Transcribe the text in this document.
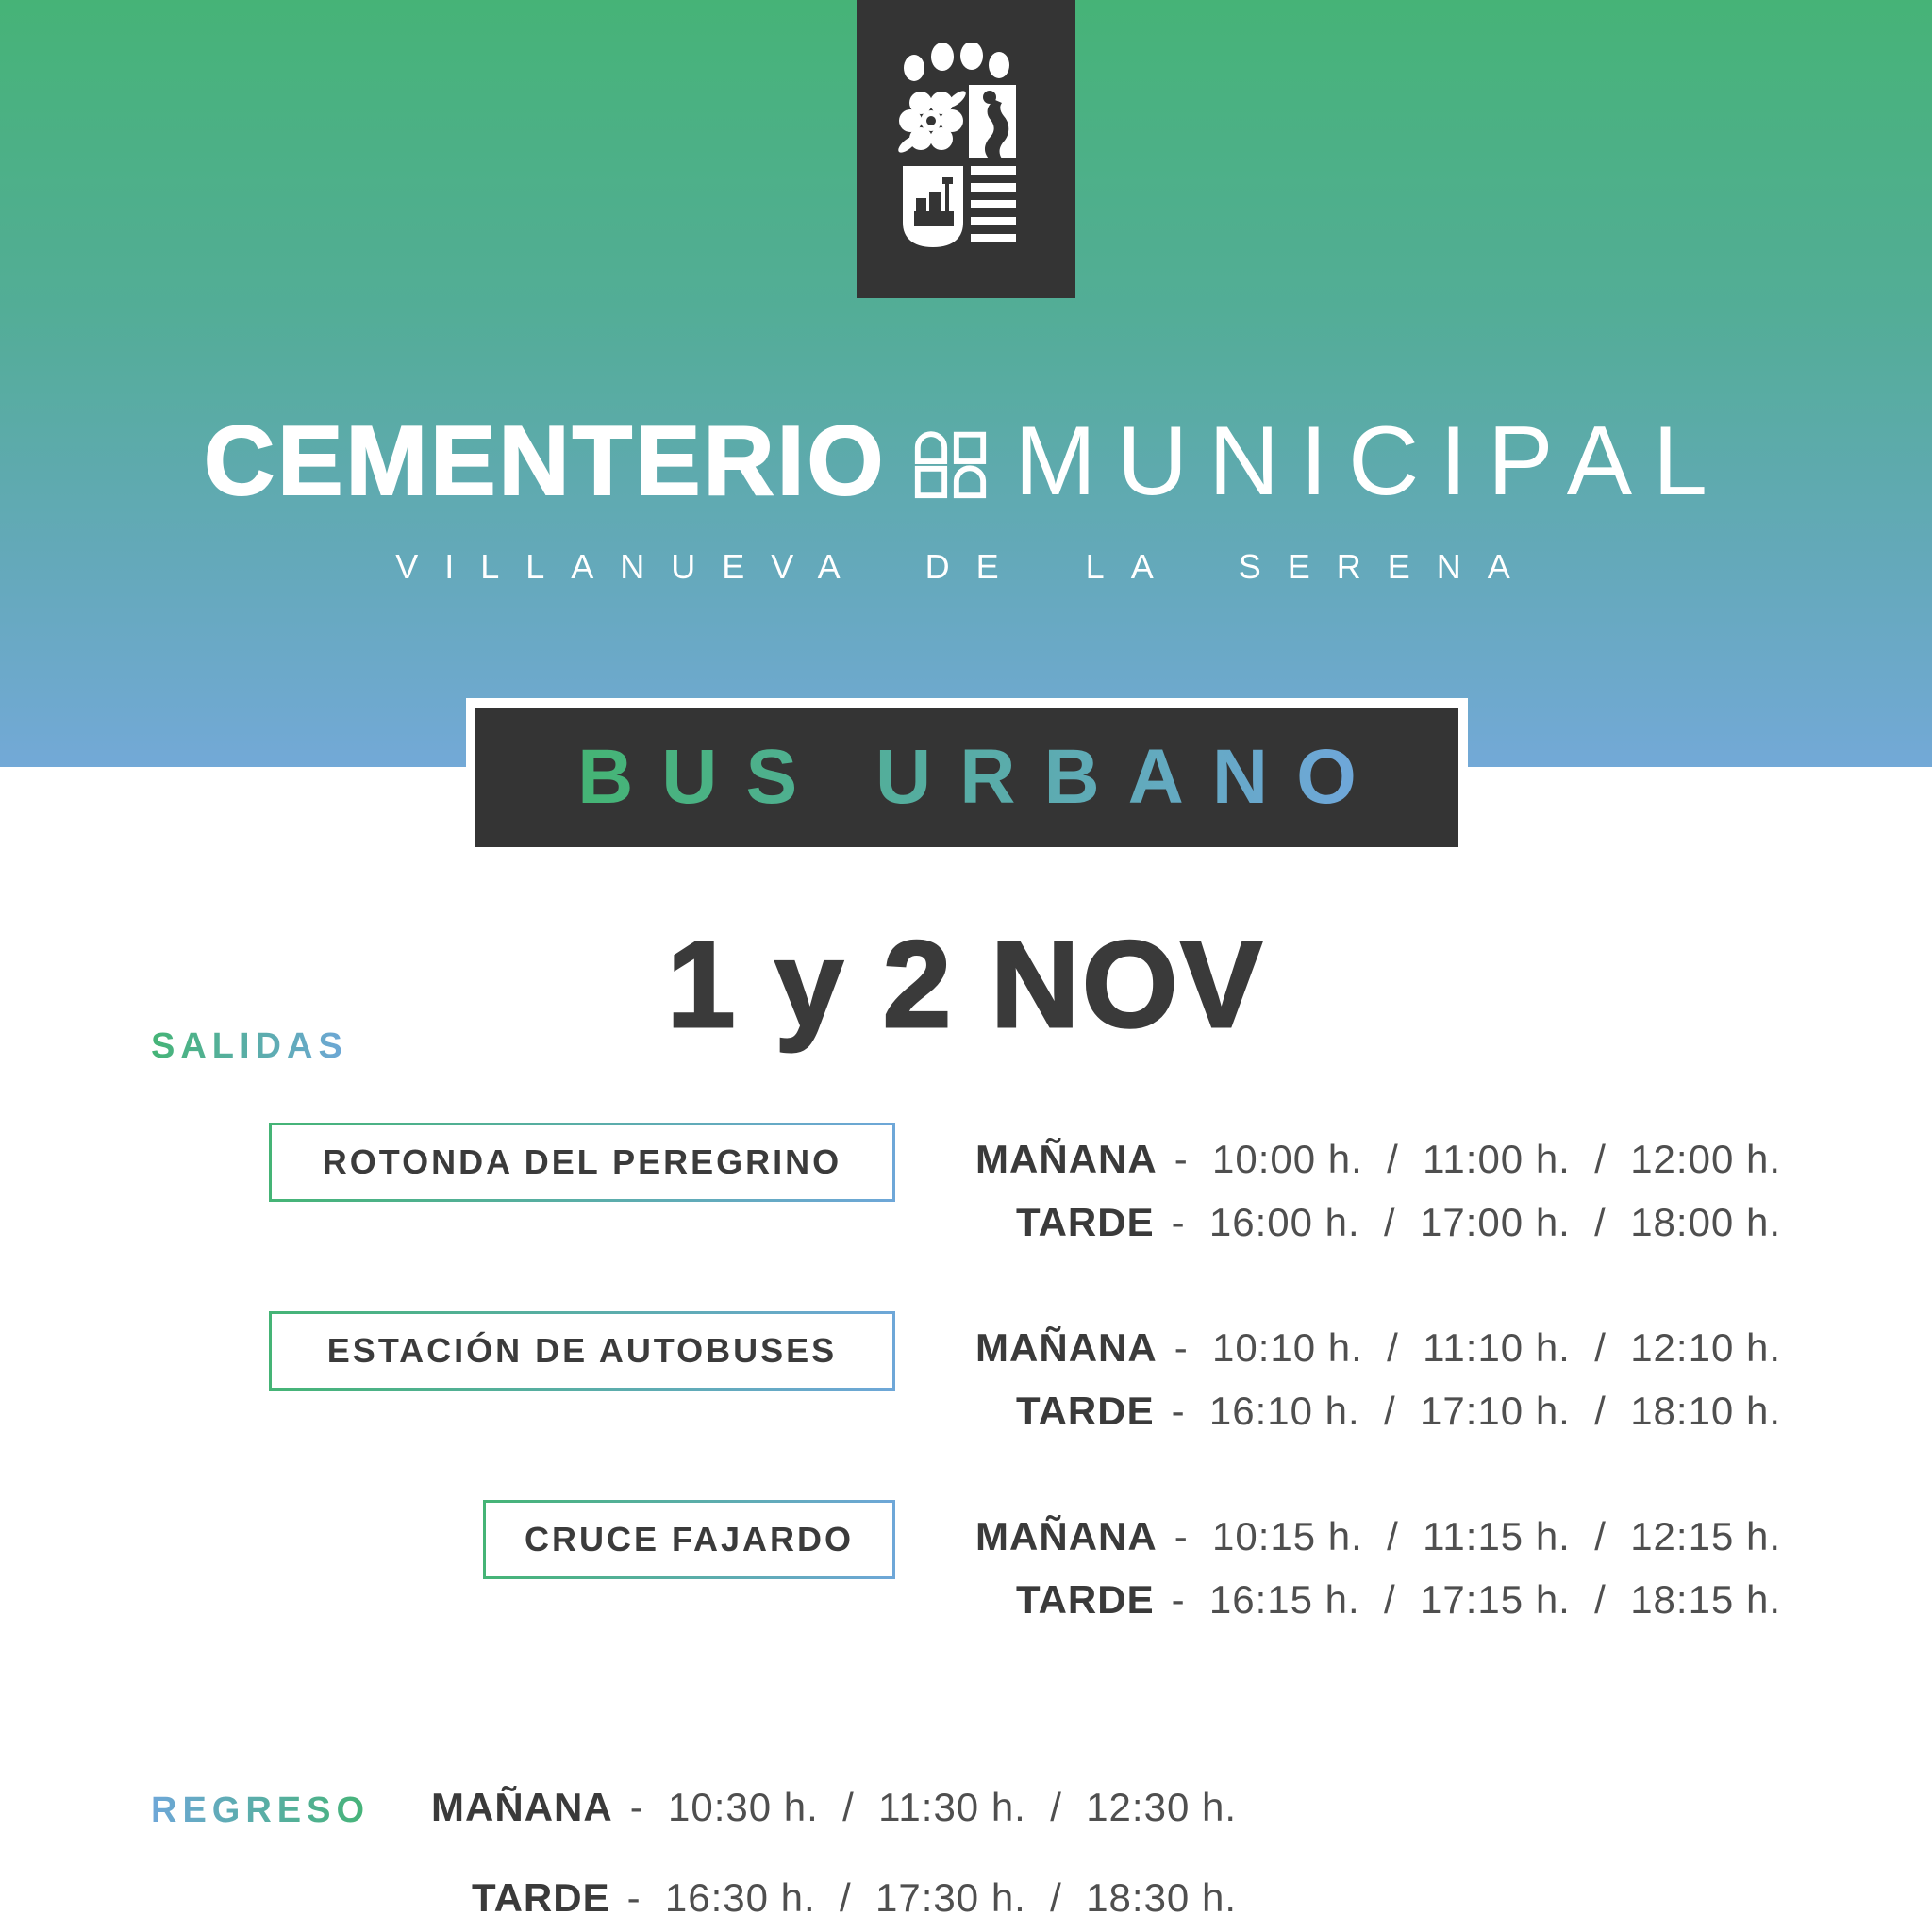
CEMENTERIO MUNICIPAL
VILLANUEVA DE LA SERENA
BUS URBANO
1 y 2 NOV
SALIDAS
ROTONDA DEL PEREGRINO	MAÑANA -  10:00 h.  /  11:00 h.  /  12:00 h.
TARDE -  16:00 h.  /  17:00 h.  /  18:00 h.
ESTACIÓN DE AUTOBUSES	MAÑANA -  10:10 h.  /  11:10 h.  /  12:10 h.
TARDE -  16:10 h.  /  17:10 h.  /  18:10 h.
CRUCE FAJARDO	MAÑANA -  10:15 h.  /  11:15 h.  /  12:15 h.
TARDE -  16:15 h.  /  17:15 h.  /  18:15 h.
REGRESO MAÑANA -  10:30 h.  /  11:30 h.  /  12:30 h.
TARDE -  16:30 h.  /  17:30 h.  /  18:30 h.
